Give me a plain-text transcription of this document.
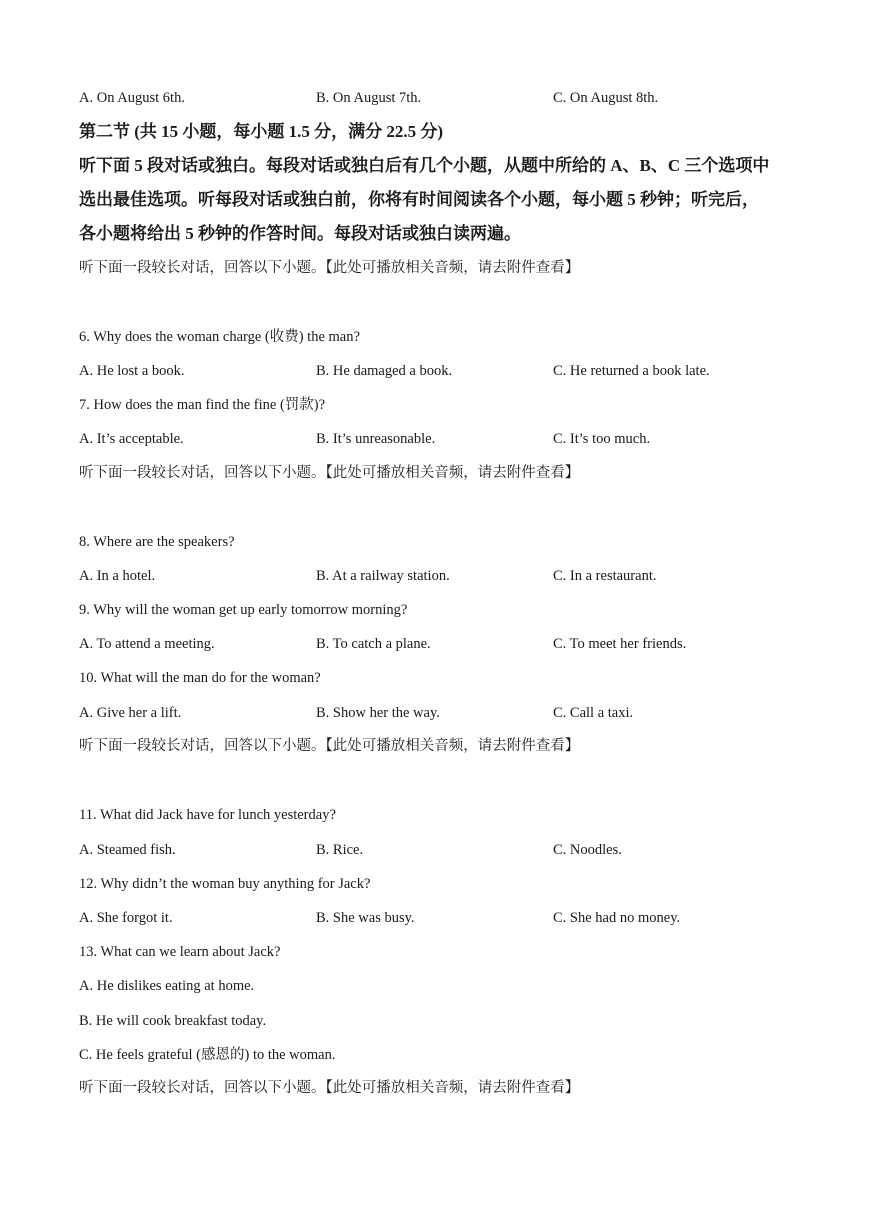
A. On August 6th.	B. On August 7th.	C. On August 8th.
第二节 (共 15 小题，每小题 1.5 分，满分 22.5 分)
听下面 5 段对话或独白。每段对话或独白后有几个小题，从题中所给的 A、B、C 三个选项中
选出最佳选项。听每段对话或独白前，你将有时间阅读各个小题，每小题 5 秒钟；听完后，
各小题将给出 5 秒钟的作答时间。每段对话或独白读两遍。
听下面一段较长对话，回答以下小题。【此处可播放相关音频，请去附件查看】
6. Why does the woman charge (收费) the man?
A. He lost a book.	B. He damaged a book.	C. He returned a book late.
7. How does the man find the fine (罚款)?
A. It’s acceptable.	B. It’s unreasonable.	C. It’s too much.
听下面一段较长对话，回答以下小题。【此处可播放相关音频，请去附件查看】
8. Where are the speakers?
A. In a hotel.	B. At a railway station.	C. In a restaurant.
9. Why will the woman get up early tomorrow morning?
A. To attend a meeting.	B. To catch a plane.	C. To meet her friends.
10. What will the man do for the woman?
A. Give her a lift.	B. Show her the way.	C. Call a taxi.
听下面一段较长对话，回答以下小题。【此处可播放相关音频，请去附件查看】
11. What did Jack have for lunch yesterday?
A. Steamed fish.	B. Rice.	C. Noodles.
12. Why didn’t the woman buy anything for Jack?
A. She forgot it.	B. She was busy.	C. She had no money.
13. What can we learn about Jack?
A. He dislikes eating at home.
B. He will cook breakfast today.
C. He feels grateful (感恩的) to the woman.
听下面一段较长对话，回答以下小题。【此处可播放相关音频，请去附件查看】
